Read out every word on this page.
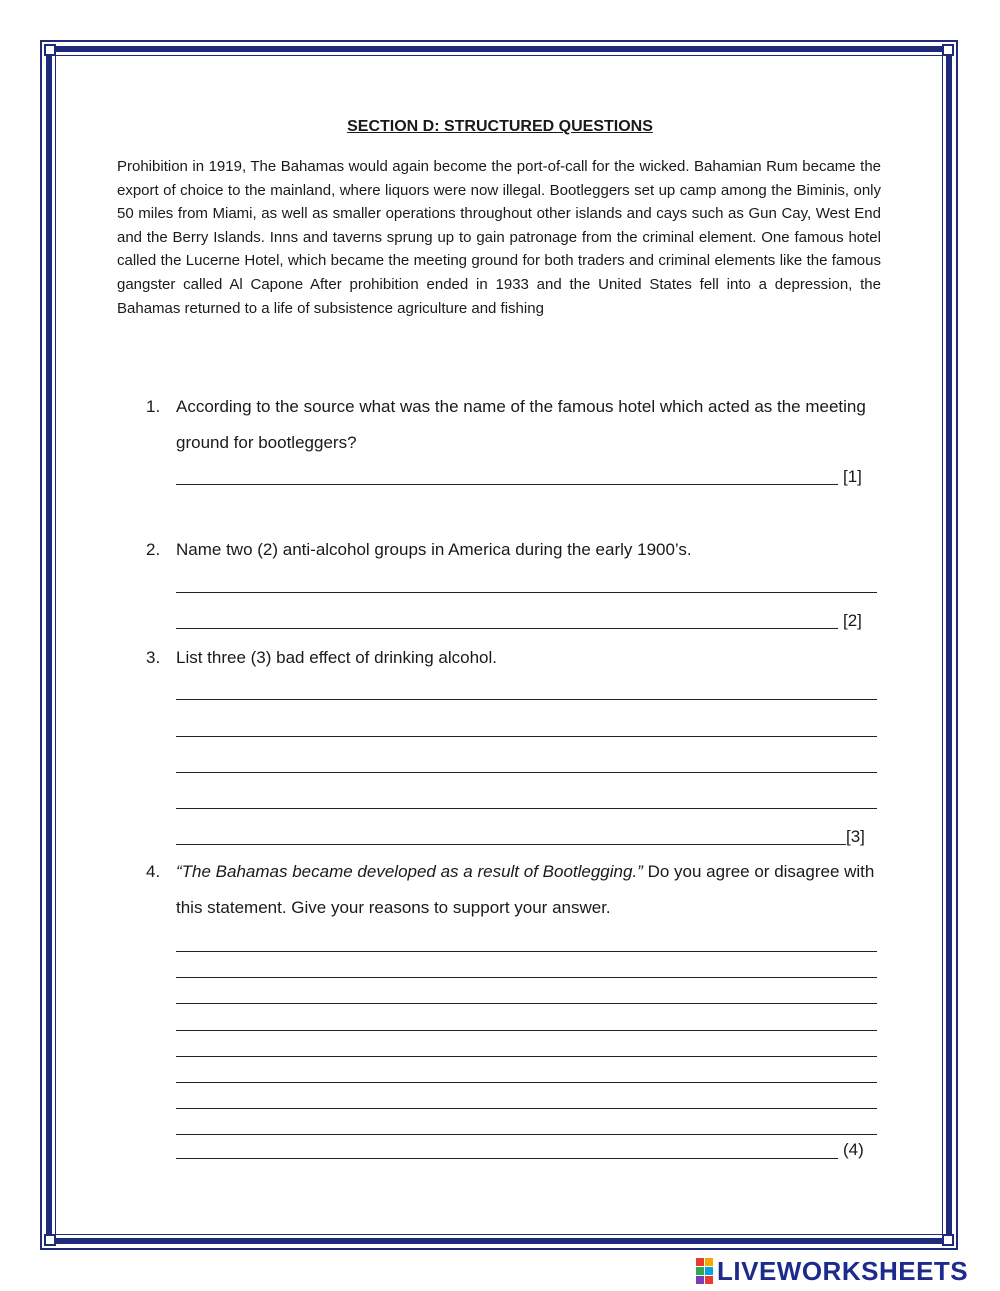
SECTION D: STRUCTURED QUESTIONS
Prohibition in 1919, The Bahamas would again become the port-of-call for the wicked. Bahamian Rum became the export of choice to the mainland, where liquors were now illegal. Bootleggers set up camp among the Biminis, only 50 miles from Miami, as well as smaller operations throughout other islands and cays such as Gun Cay, West End and the Berry Islands. Inns and taverns sprung up to gain patronage from the criminal element. One famous hotel called the Lucerne Hotel, which became the meeting ground for both traders and criminal elements like the famous gangster called Al Capone After prohibition ended in 1933 and the United States fell into a depression, the Bahamas returned to a life of subsistence agriculture and fishing
1. According to the source what was the name of the famous hotel which acted as the meeting ground for bootleggers?
[1]
2. Name two (2) anti-alcohol groups in America during the early 1900’s.
[2]
3. List three (3) bad effect of drinking alcohol.
[3]
4. “The Bahamas became developed as a result of Bootlegging.” Do you agree or disagree with this statement. Give your reasons to support your answer.
(4)
LIVEWORKSHEETS
